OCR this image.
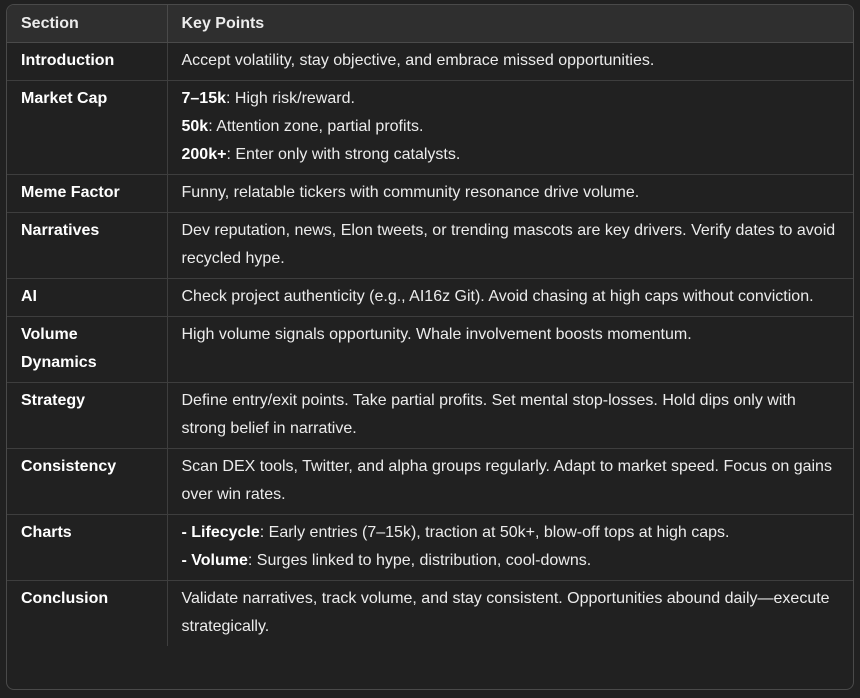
Section	Key Points
Introduction	Accept volatility, stay objective, and embrace missed opportunities.

Market Cap	7–15k: High risk/reward.
50k: Attention zone, partial profits.
200k+: Enter only with strong catalysts.

Meme Factor	Funny, relatable tickers with community resonance drive volume.

Narratives	Dev reputation, news, Elon tweets, or trending mascots are key drivers. Verify dates to avoid recycled hype.

AI	Check project authenticity (e.g., AI16z Git). Avoid chasing at high caps without conviction.

Volume Dynamics	High volume signals opportunity. Whale involvement boosts momentum.

Strategy	Define entry/exit points. Take partial profits. Set mental stop-losses. Hold dips only with strong belief in narrative.

Consistency	Scan DEX tools, Twitter, and alpha groups regularly. Adapt to market speed. Focus on gains over win rates.

Charts	- Lifecycle: Early entries (7–15k), traction at 50k+, blow-off tops at high caps.
- Volume: Surges linked to hype, distribution, cool-downs.

Conclusion	Validate narratives, track volume, and stay consistent. Opportunities abound daily—execute strategically.
